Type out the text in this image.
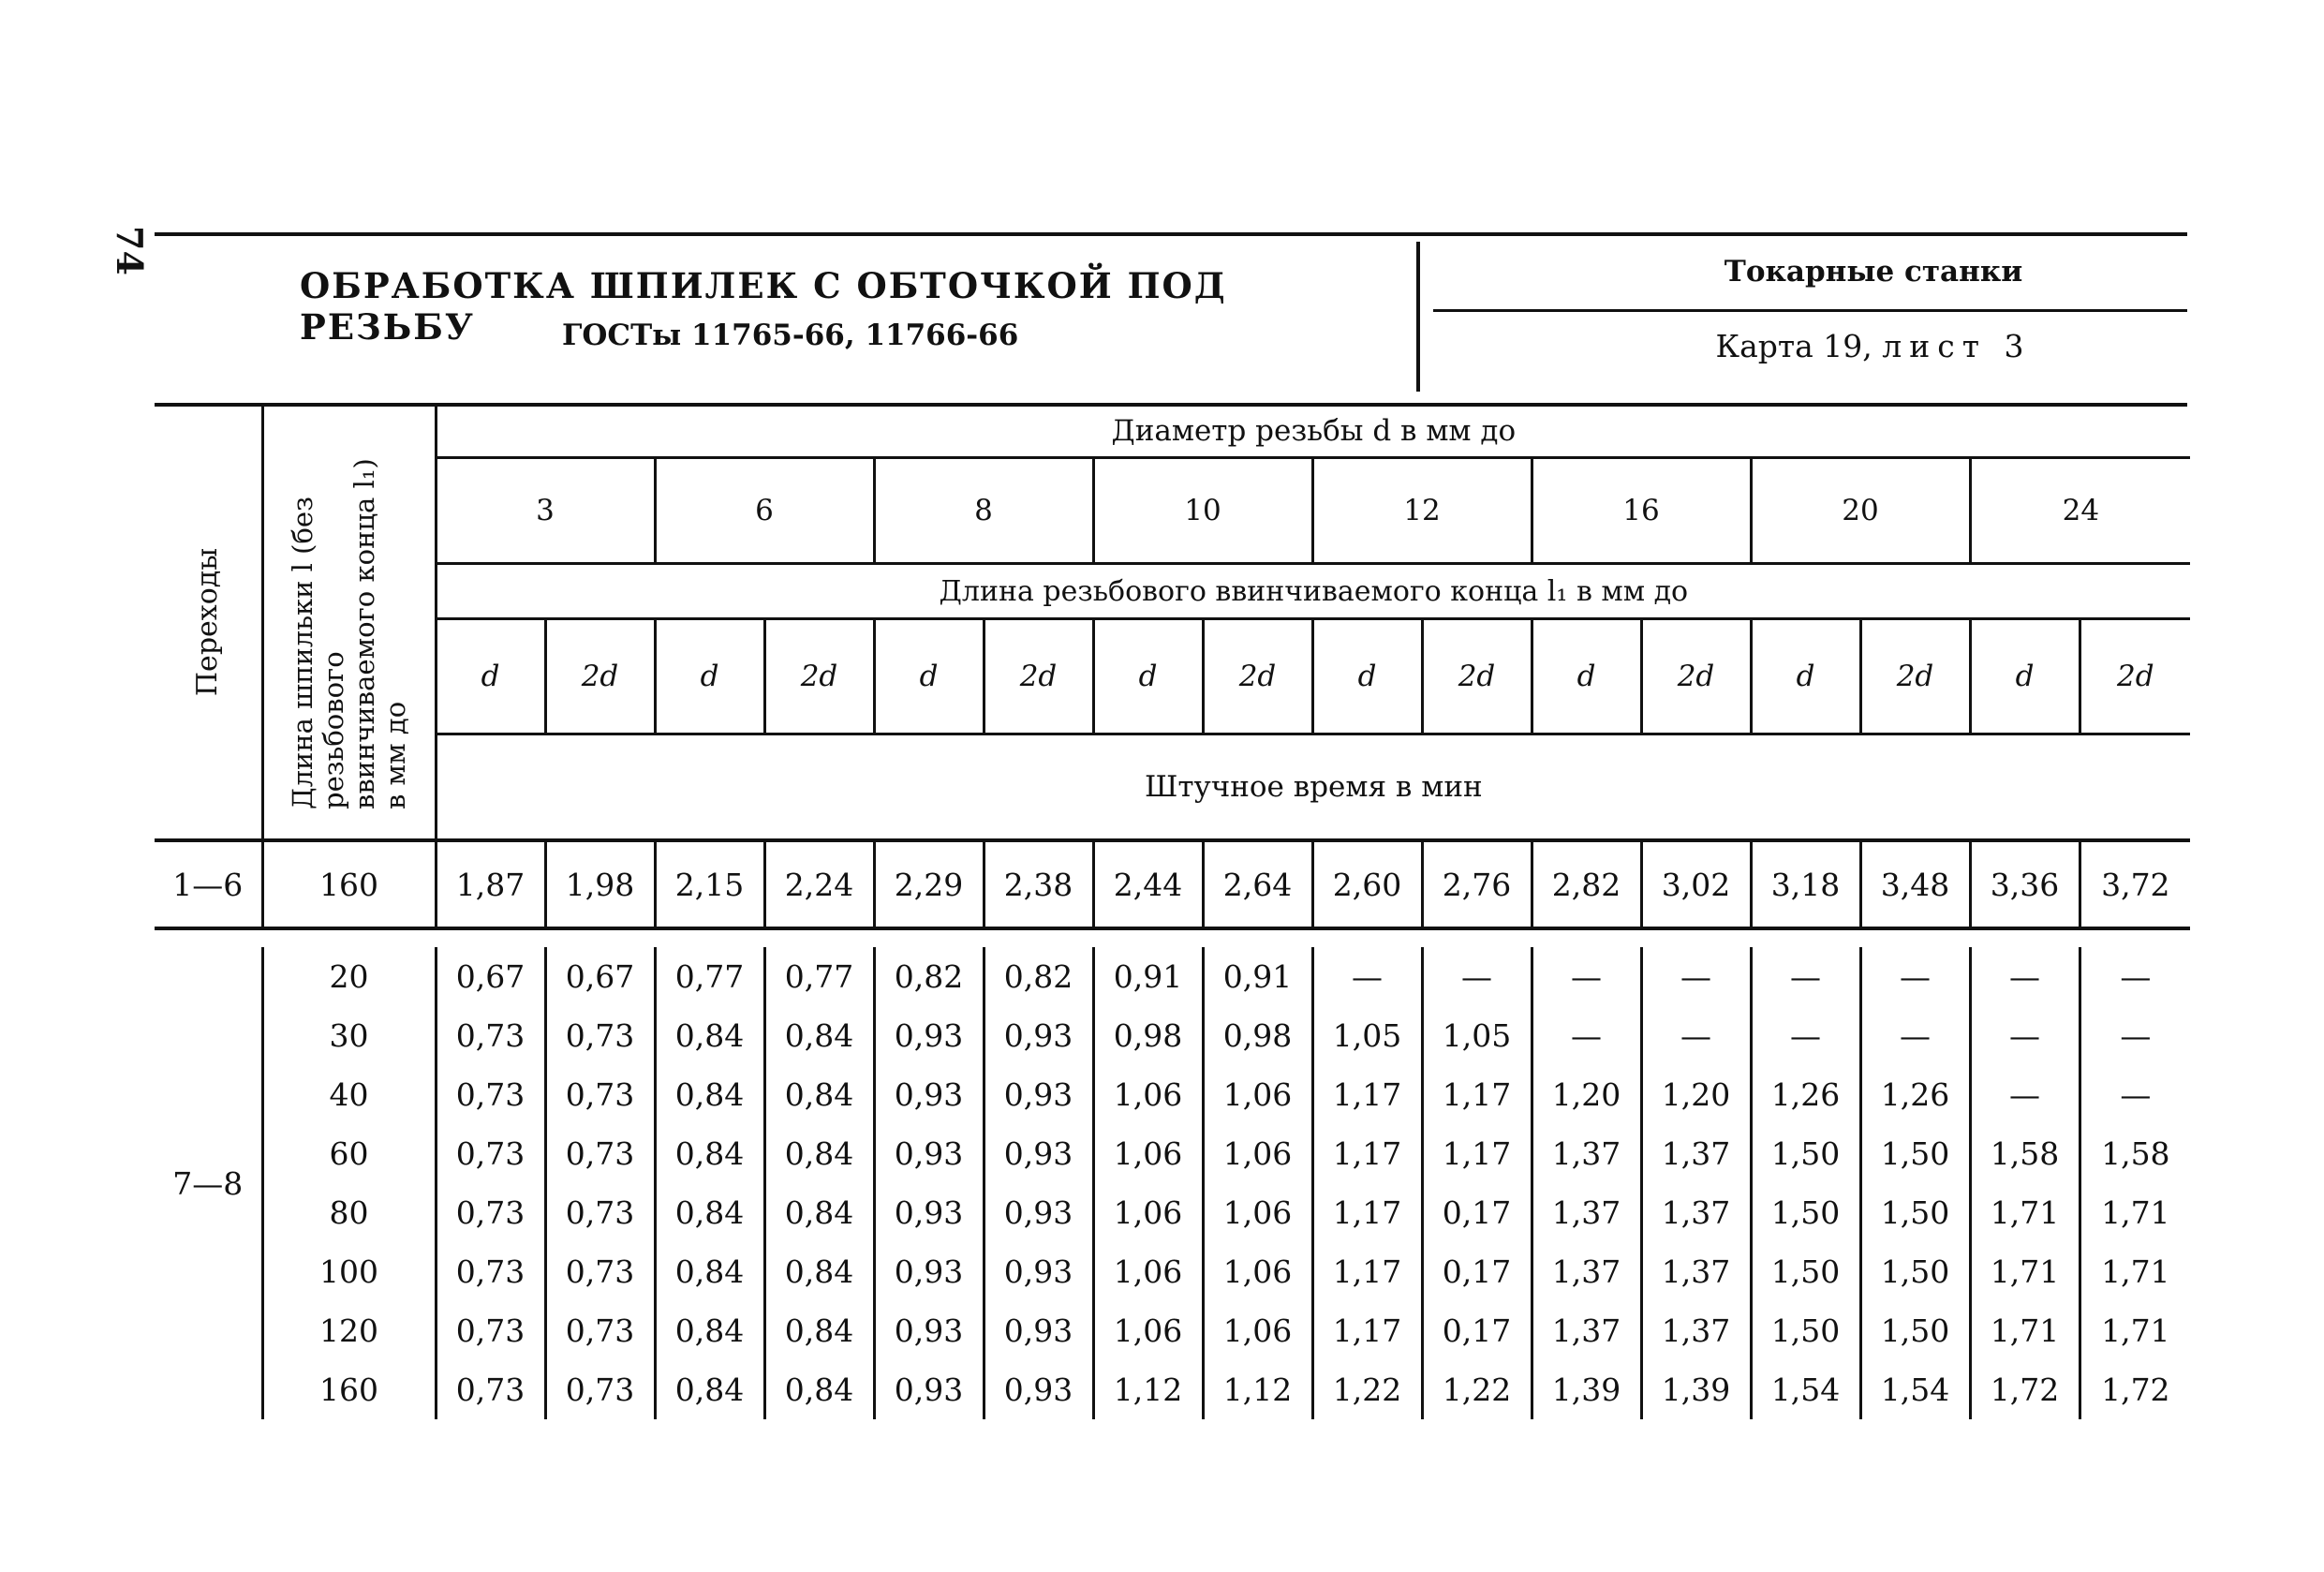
74
ОБРАБОТКА ШПИЛЕК С ОБТОЧКОЙ ПОД РЕЗЬБУ	ГОСТы 11765-66, 11766-66
Токарные станки
Карта 19, лист 3
Переходы	Длина шпильки l (без резьбового ввинчиваемого конца l₁) в мм до	Диаметр резьбы d в мм до															
		3		6		8		10		12		16		20		24	
		Длина резьбового ввинчиваемого конца l₁ в мм до															
		d	2d	d	2d	d	2d	d	2d	d	2d	d	2d	d	2d	d	2d
		Штучное время в мин															
1—6	160	1,87	1,98	2,15	2,24	2,29	2,38	2,44	2,64	2,60	2,76	2,82	3,02	3,18	3,48	3,36	3,72

7—8	20	0,67	0,67	0,77	0,77	0,82	0,82	0,91	0,91	—	—	—	—	—	—	—	—
	30	0,73	0,73	0,84	0,84	0,93	0,93	0,98	0,98	1,05	1,05	—	—	—	—	—	—
	40	0,73	0,73	0,84	0,84	0,93	0,93	1,06	1,06	1,17	1,17	1,20	1,20	1,26	1,26	—	—
	60	0,73	0,73	0,84	0,84	0,93	0,93	1,06	1,06	1,17	1,17	1,37	1,37	1,50	1,50	1,58	1,58
	80	0,73	0,73	0,84	0,84	0,93	0,93	1,06	1,06	1,17	0,17	1,37	1,37	1,50	1,50	1,71	1,71
	100	0,73	0,73	0,84	0,84	0,93	0,93	1,06	1,06	1,17	0,17	1,37	1,37	1,50	1,50	1,71	1,71
	120	0,73	0,73	0,84	0,84	0,93	0,93	1,06	1,06	1,17	0,17	1,37	1,37	1,50	1,50	1,71	1,71
	160	0,73	0,73	0,84	0,84	0,93	0,93	1,12	1,12	1,22	1,22	1,39	1,39	1,54	1,54	1,72	1,72
